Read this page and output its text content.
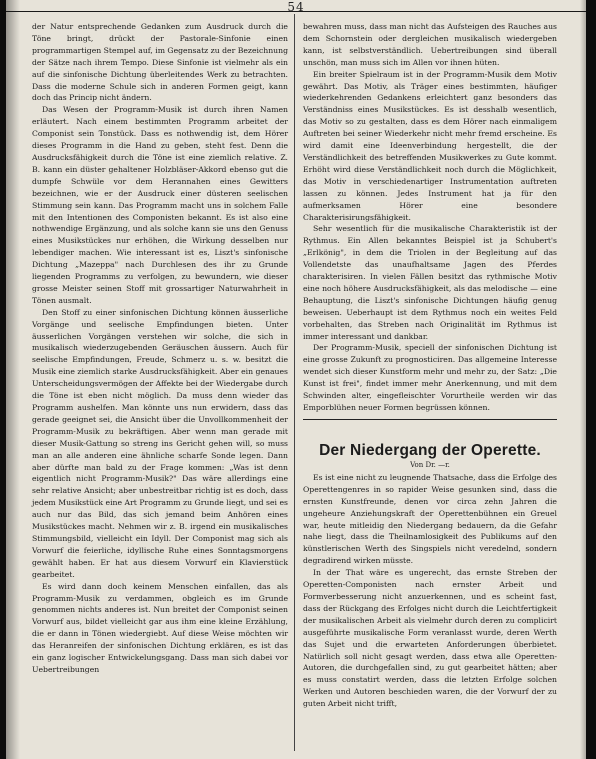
54

der Natur entsprechende Gedanken zum Ausdruck durch die Töne bringt, drückt der Pastorale-Sinfonie einen programmartigen Stempel auf, im Gegensatz zu der Bezeichnung der Sätze nach ihrem Tempo. Diese Sinfonie ist vielmehr als ein auf die sinfonische Dichtung überleitendes Werk zu betrachten. Dass die moderne Schule sich in anderen Formen geigt, kann doch das Princip nicht ändern.

Das Wesen der Programm-Musik ist durch ihren Namen erläutert. Nach einem bestimmten Programm arbeitet der Componist sein Tonstück. Dass es nothwendig ist, dem Hörer dieses Programm in die Hand zu geben, steht fest. Denn die Ausdrucksfähigkeit durch die Töne ist eine ziemlich relative. Z. B. kann ein düster gehaltener Holzbläser-Akkord ebenso gut die dumpfe Schwüle vor dem Herannahen eines Gewitters bezeichnen, wie er der Ausdruck einer düsteren seelischen Stimmung sein kann. Das Programm macht uns in solchem Falle mit den Intentionen des Componisten bekannt. Es ist also eine nothwendige Ergänzung, und als solche kann sie uns den Genuss eines Musikstückes nur erhöhen, die Wirkung desselben nur lebendiger machen. Wie interessant ist es, Liszt's sinfonische Dichtung „Mazeppa" nach Durchlesen des ihr zu Grunde liegenden Programms zu verfolgen, zu bewundern, wie dieser grosse Meister seinen Stoff mit grossartiger Naturwahrheit in Tönen ausmalt.

Den Stoff zu einer sinfonischen Dichtung können äusserliche Vorgänge und seelische Empfindungen bieten. Unter äusserlichen Vorgängen verstehen wir solche, die sich in musikalisch wiederzugebenden Geräuschen äussern. Auch für seelische Empfindungen, Freude, Schmerz u. s. w. besitzt die Musik eine ziemlich starke Ausdrucksfähigkeit. Aber ein genaues Unterscheidungsvermögen der Affekte bei der Wiedergabe durch die Töne ist eben nicht möglich. Da muss denn wieder das Programm aushelfen. Man könnte uns nun erwidern, dass das gerade geeignet sei, die Ansicht über die Unvollkommenheit der Programm-Musik zu bekräftigen. Aber wenn man gerade mit dieser Musik-Gattung so streng ins Gericht gehen will, so muss man an alle anderen eine ähnliche scharfe Sonde legen. Dann aber dürfte man bald zu der Frage kommen: „Was ist denn eigentlich nicht Programm-Musik?" Das wäre allerdings eine sehr relative Ansicht; aber unbestreitbar richtig ist es doch, dass jedem Musikstück eine Art Programm zu Grunde liegt, und sei es auch nur das Bild, das sich jemand beim Anhören eines Musikstückes macht. Nehmen wir z. B. irgend ein musikalisches Stimmungsbild, vielleicht ein Idyll. Der Componist mag sich als Vorwurf die feierliche, idyllische Ruhe eines Sonntagsmorgens gewählt haben. Er hat aus diesem Vorwurf ein Klavierstück gearbeitet.

Es wird dann doch keinem Menschen einfallen, das als Programm-Musik zu verdammen, obgleich es im Grunde genommen nichts anderes ist. Nun breitet der Componist seinen Vorwurf aus, bildet vielleicht gar aus ihm eine kleine Erzählung, die er dann in Tönen wiedergiebt. Auf diese Weise möchten wir das Heranreifen der sinfonischen Dichtung erklären, es ist das ein ganz logischer Entwickelungsgang. Dass man sich dabei vor Uebertreibungen

bewahren muss, dass man nicht das Aufsteigen des Rauches aus dem Schornstein oder dergleichen musikalisch wiedergeben kann, ist selbstverständlich. Uebertreibungen sind überall unschön, man muss sich im Allen vor ihnen hüten.

Ein breiter Spielraum ist in der Programm-Musik dem Motiv gewährt. Das Motiv, als Träger eines bestimmten, häufiger wiederkehrenden Gedankens erleichtert ganz besonders das Verständniss eines Musikstückes. Es ist desshalb wesentlich, das Motiv so zu gestalten, dass es dem Hörer nach einmaligem Auftreten bei seiner Wiederkehr nicht mehr fremd erscheine. Es wird damit eine Ideenverbindung hergestellt, die der Verständlichkeit des betreffenden Musikwerkes zu Gute kommt. Erhöht wird diese Verständlichkeit noch durch die Möglichkeit, das Motiv in verschiedenartiger Instrumentation auftreten lassen zu können. Jedes Instrument hat ja für den aufmerksamen Hörer eine besondere Charakterisirungsfähigkeit.

Sehr wesentlich für die musikalische Charakteristik ist der Rythmus. Ein Allen bekanntes Beispiel ist ja Schubert's „Erlkönig", in dem die Triolen in der Begleitung auf das Vollendetste das unaufhaltsame Jagen des Pferdes charakterisiren. In vielen Fällen besitzt das rythmische Motiv eine noch höhere Ausdrucksfähigkeit, als das melodische — eine Behauptung, die Liszt's sinfonische Dichtungen häufig genug beweisen. Ueberhaupt ist dem Rythmus noch ein weites Feld vorbehalten, das Streben nach Originalität im Rythmus ist immer interessant und dankbar.

Der Programm-Musik, speciell der sinfonischen Dichtung ist eine grosse Zukunft zu prognosticiren. Das allgemeine Interesse wendet sich dieser Kunstform mehr und mehr zu, der Satz: „Die Kunst ist frei", findet immer mehr Anerkennung, und mit dem Schwinden alter, eingefleischter Vorurtheile werden wir das Emporblühen neuer Formen begrüssen können.

Der Niedergang der Operette.
Von Dr. —r.

Es ist eine nicht zu leugnende Thatsache, dass die Erfolge des Operettengenres in so rapider Weise gesunken sind, dass die ernsten Kunstfreunde, denen vor circa zehn Jahren die ungeheure Anziehungskraft der Operettenbühnen ein Greuel war, heute mitleidig den Niedergang bedauern, da die Gefahr nahe liegt, dass die Theilnamlosigkeit des Publikums auf den künstlerischen Werth des Singspiels nicht veredelnd, sondern degradirend wirken müsste.

In der That wäre es ungerecht, das ernste Streben der Operetten-Componisten nach ernster Arbeit und Formverbesserung nicht anzuerkennen, und es scheint fast, dass der Rückgang des Erfolges nicht durch die Leichtfertigkeit der musikalischen Arbeit als vielmehr durch deren zu complicirt ausgeführte musikalische Form veranlasst wurde, deren Werth das Sujet und die erwarteten Anforderungen überbietet. Natürlich soll nicht gesagt werden, dass etwa alle Operetten-Autoren, die durchgefallen sind, zu gut gearbeitet hätten; aber es muss constatirt werden, dass die letzten Erfolge solchen Werken und Autoren beschieden waren, die der Vorwurf der zu guten Arbeit nicht trifft,
